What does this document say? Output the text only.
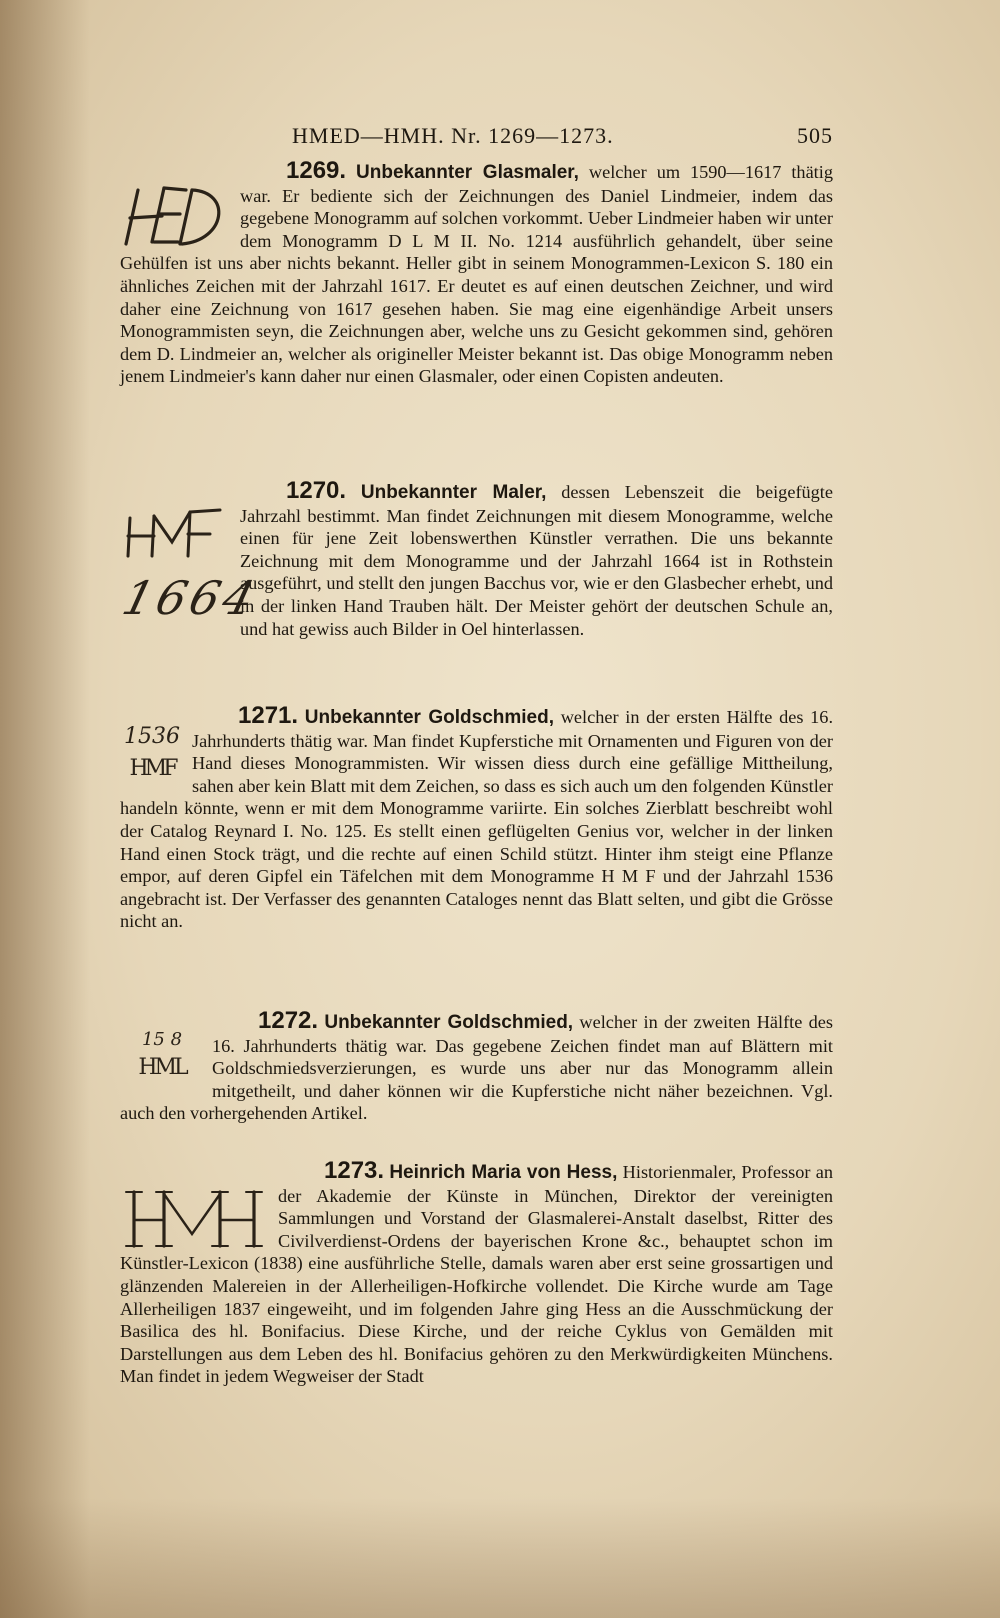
HMED—HMH. Nr. 1269—1273.	505

1269. Unbekannter Glasmaler, welcher um 1590—1617 thätig war. Er bediente sich der Zeichnungen des Daniel Lindmeier, indem das gegebene Monogramm auf solchen vorkommt. Ueber Lindmeier haben wir unter dem Monogramm D L M II. No. 1214 ausführlich gehandelt, über seine Gehülfen ist uns aber nichts bekannt. Heller gibt in seinem Monogrammen-Lexicon S. 180 ein ähnliches Zeichen mit der Jahrzahl 1617. Er deutet es auf einen deutschen Zeichner, und wird daher eine Zeichnung von 1617 gesehen haben. Sie mag eine eigenhändige Arbeit unsers Monogrammisten seyn, die Zeichnungen aber, welche uns zu Gesicht gekommen sind, gehören dem D. Lindmeier an, welcher als origineller Meister bekannt ist. Das obige Monogramm neben jenem Lindmeier's kann daher nur einen Glasmaler, oder einen Copisten andeuten.

1664

1270. Unbekannter Maler, dessen Lebenszeit die beigefügte Jahrzahl bestimmt. Man findet Zeichnungen mit diesem Monogramme, welche einen für jene Zeit lobenswerthen Künstler verrathen. Die uns bekannte Zeichnung mit dem Monogramme und der Jahrzahl 1664 ist in Rothstein ausgeführt, und stellt den jungen Bacchus vor, wie er den Glasbecher erhebt, und in der linken Hand Trauben hält. Der Meister gehört der deutschen Schule an, und hat gewiss auch Bilder in Oel hinterlassen.

1536
HMF

1271. Unbekannter Goldschmied, welcher in der ersten Hälfte des 16. Jahrhunderts thätig war. Man findet Kupferstiche mit Ornamenten und Figuren von der Hand dieses Monogrammisten. Wir wissen diess durch eine gefällige Mittheilung, sahen aber kein Blatt mit dem Zeichen, so dass es sich auch um den folgenden Künstler handeln könnte, wenn er mit dem Monogramme variirte. Ein solches Zierblatt beschreibt wohl der Catalog Reynard I. No. 125. Es stellt einen geflügelten Genius vor, welcher in der linken Hand einen Stock trägt, und die rechte auf einen Schild stützt. Hinter ihm steigt eine Pflanze empor, auf deren Gipfel ein Täfelchen mit dem Monogramme H M F und der Jahrzahl 1536 angebracht ist. Der Verfasser des genannten Cataloges nennt das Blatt selten, und gibt die Grösse nicht an.

15 8
HML

1272. Unbekannter Goldschmied, welcher in der zweiten Hälfte des 16. Jahrhunderts thätig war. Das gegebene Zeichen findet man auf Blättern mit Goldschmiedsverzierungen, es wurde uns aber nur das Monogramm allein mitgetheilt, und daher können wir die Kupferstiche nicht näher bezeichnen. Vgl. auch den vorhergehenden Artikel.

1273. Heinrich Maria von Hess, Historienmaler, Professor an der Akademie der Künste in München, Direktor der vereinigten Sammlungen und Vorstand der Glasmalerei-Anstalt daselbst, Ritter des Civilverdienst-Ordens der bayerischen Krone &c., behauptet schon im Künstler-Lexicon (1838) eine ausführliche Stelle, damals waren aber erst seine grossartigen und glänzenden Malereien in der Allerheiligen-Hofkirche vollendet. Die Kirche wurde am Tage Allerheiligen 1837 eingeweiht, und im folgenden Jahre ging Hess an die Ausschmückung der Basilica des hl. Bonifacius. Diese Kirche, und der reiche Cyklus von Gemälden mit Darstellungen aus dem Leben des hl. Bonifacius gehören zu den Merkwürdigkeiten Münchens. Man findet in jedem Wegweiser der Stadt
